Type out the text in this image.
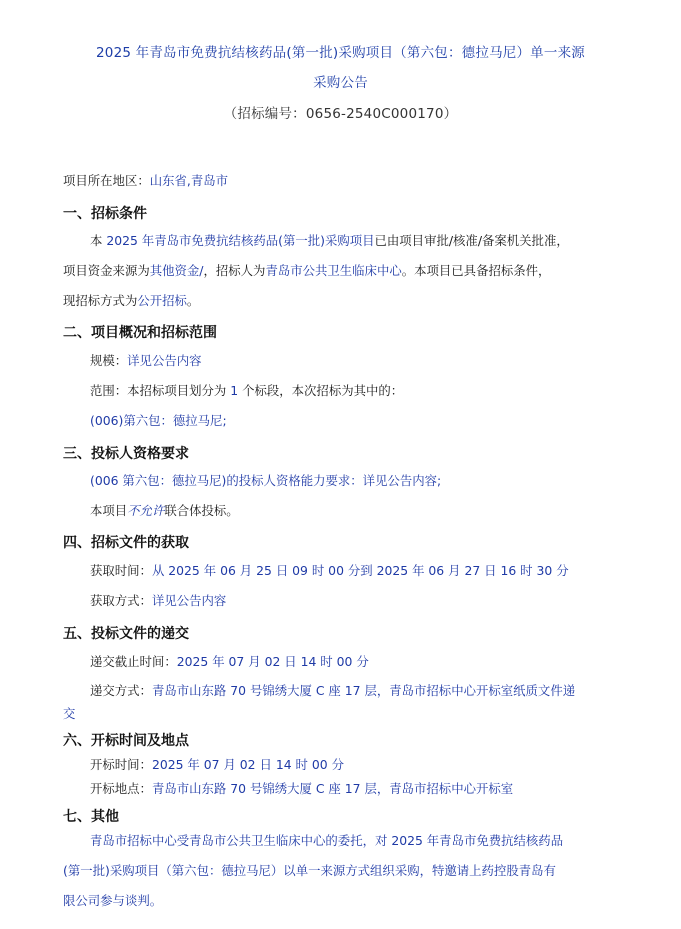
2025 年青岛市免费抗结核药品(第一批)采购项目（第六包：德拉马尼）单一来源
采购公告
（招标编号：0656-2540C000170）
项目所在地区：山东省,青岛市
一、招标条件
本 2025 年青岛市免费抗结核药品(第一批)采购项目已由项目审批/核准/备案机关批准，
项目资金来源为其他资金/，招标人为青岛市公共卫生临床中心。本项目已具备招标条件，
现招标方式为公开招标。
二、项目概况和招标范围
规模：详见公告内容
范围：本招标项目划分为 1 个标段，本次招标为其中的：
(006)第六包：德拉马尼;
三、投标人资格要求
(006 第六包：德拉马尼)的投标人资格能力要求：详见公告内容;
本项目不允许联合体投标。
四、招标文件的获取
获取时间：从 2025 年 06 月 25 日 09 时 00 分到 2025 年 06 月 27 日 16 时 30 分
获取方式：详见公告内容
五、投标文件的递交
递交截止时间：2025 年 07 月 02 日 14 时 00 分
递交方式：青岛市山东路 70 号锦绣大厦 C 座 17 层，青岛市招标中心开标室纸质文件递
交
六、开标时间及地点
开标时间：2025 年 07 月 02 日 14 时 00 分
开标地点：青岛市山东路 70 号锦绣大厦 C 座 17 层，青岛市招标中心开标室
七、其他
青岛市招标中心受青岛市公共卫生临床中心的委托，对 2025 年青岛市免费抗结核药品
(第一批)采购项目（第六包：德拉马尼）以单一来源方式组织采购，特邀请上药控股青岛有
限公司参与谈判。
